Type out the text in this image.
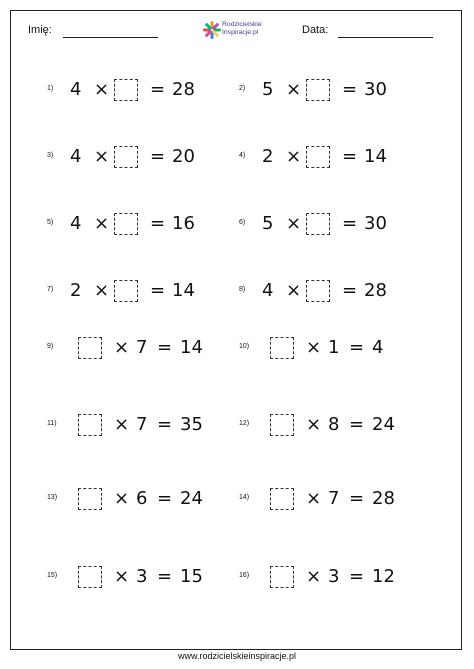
Imię:	Rodzicielskie
Inspiracje.pl	Data:
1) 4 × = 28	2) 5 × = 30
3) 4 × = 20	4) 2 × = 14
5) 4 × = 16	6) 5 × = 30
7) 2 × = 14	8) 4 × = 28
9)	× 7 = 14	10)	× 1 = 4
11)	× 7 = 35	12)	× 8 = 24
13)	× 6 = 24	14)	× 7 = 28
15)	× 3 = 15	16)	× 3 = 12
www.rodzicielskieinspiracje.pl
